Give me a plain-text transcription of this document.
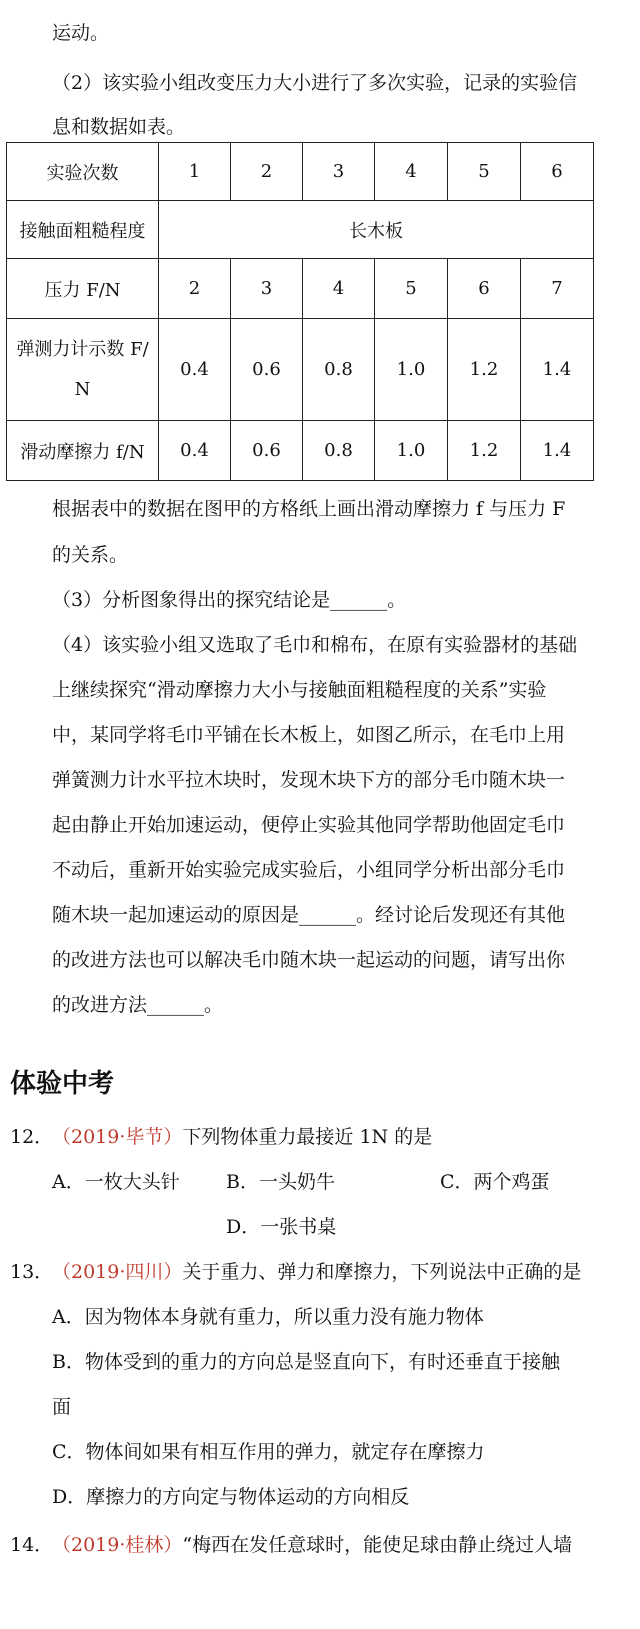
运动。
（2）该实验小组改变压力大小进行了多次实验，记录的实验信
息和数据如表。
实验次数	1	2	3	4	5	6
接触面粗糙程度	长木板					
压力 F/N	2	3	4	5	6	7

弹测力计示数 F/
N	0.4	0.6	0.8	1.0	1.2	1.4
滑动摩擦力 f/N	0.4	0.6	0.8	1.0	1.2	1.4
根据表中的数据在图甲的方格纸上画出滑动摩擦力 f 与压力 F
的关系。
（3）分析图象得出的探究结论是______。
（4）该实验小组又选取了毛巾和棉布，在原有实验器材的基础
上继续探究“滑动摩擦力大小与接触面粗糙程度的关系”实验
中，某同学将毛巾平铺在长木板上，如图乙所示，在毛巾上用
弹簧测力计水平拉木块时，发现木块下方的部分毛巾随木块一
起由静止开始加速运动，便停止实验其他同学帮助他固定毛巾
不动后，重新开始实验完成实验后，小组同学分析出部分毛巾
随木块一起加速运动的原因是______。经讨论后发现还有其他
的改进方法也可以解决毛巾随木块一起运动的问题，请写出你
的改进方法______。
体验中考
12．
（2019·毕节）下列物体重力最接近 1N 的是
A．一枚大头针 B．一头奶牛	C．两个鸡蛋
D．一张书桌
13．
（2019·四川）关于重力、弹力和摩擦力，下列说法中正确的是
A．因为物体本身就有重力，所以重力没有施力物体
B．物体受到的重力的方向总是竖直向下，有时还垂直于接触
面
C．物体间如果有相互作用的弹力，就定存在摩擦力
D．摩擦力的方向定与物体运动的方向相反
14．
（2019·桂林）“梅西在发任意球时，能使足球由静止绕过人墙
